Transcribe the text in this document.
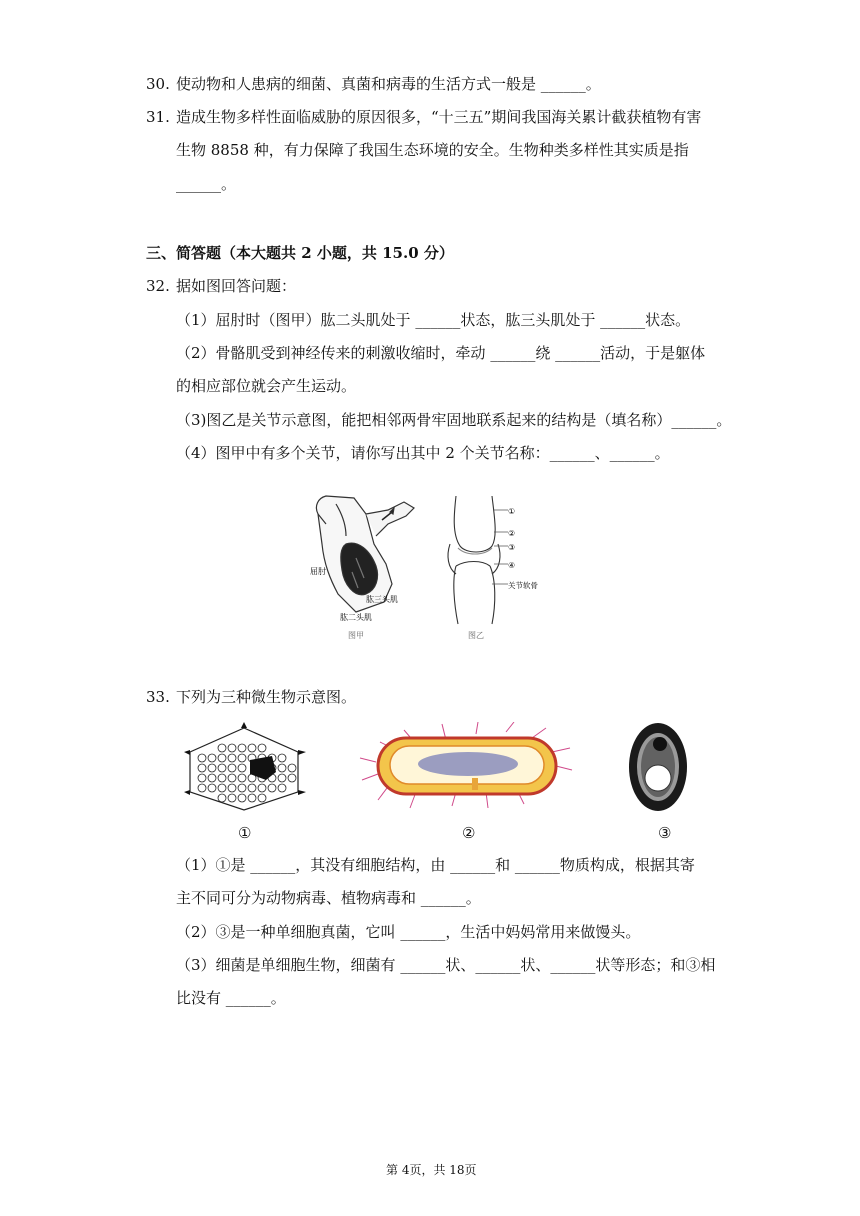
30. 使动物和人患病的细菌、真菌和病毒的生活方式一般是 ______。
31. 造成生物多样性面临威胁的原因很多，“十三五”期间我国海关累计截获植物有害
生物 8858 种，有力保障了我国生态环境的安全。生物种类多样性其实质是指
______。
三、简答题（本大题共 2 小题，共 15.0 分）
32. 据如图回答问题：
（1）屈肘时（图甲）肱二头肌处于 ______状态，肱三头肌处于 ______状态。
（2）骨骼肌受到神经传来的刺激收缩时，牵动 ______绕 ______活动，于是躯体
的相应部位就会产生运动。
（3)图乙是关节示意图，能把相邻两骨牢固地联系起来的结构是（填名称）______。
（4）图甲中有多个关节，请你写出其中 2 个关节名称：______、______。
屈肘
肱三头肌
肱二头肌
图甲
①
②
③
④
关节软骨
图乙
33. 下列为三种微生物示意图。
①	②	③
（1）①是 ______，其没有细胞结构，由 ______和 ______物质构成，根据其寄
主不同可分为动物病毒、植物病毒和 ______。
（2）③是一种单细胞真菌，它叫 ______，生活中妈妈常用来做馒头。
（3）细菌是单细胞生物，细菌有 ______状、______状、______状等形态；和③相
比没有 ______。
第 4页，共 18页
